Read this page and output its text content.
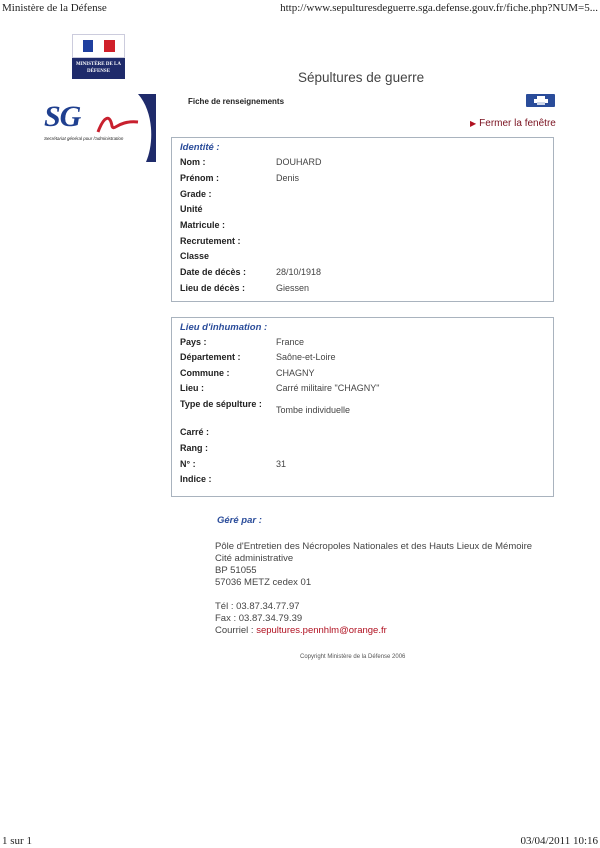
Ministère de la Défense	http://www.sepulturesdeguerre.sga.defense.gouv.fr/fiche.php?NUM=5...
MINISTÈRE DE LA DÉFENSE
SG
Secrétariat général pour l'administration
Sépultures de guerre
Fiche de renseignements
▶ Fermer la fenêtre
Identité :
Nom :	DOUHARD
Prénom :	Denis
Grade :
Unité
Matricule :
Recrutement :
Classe
Date de décès :	28/10/1918
Lieu de décès :	Giessen
Lieu d'inhumation :
Pays :	France
Département :	Saône-et-Loire
Commune :	CHAGNY
Lieu :	Carré militaire "CHAGNY"
Type de sépulture :
Tombe individuelle
Carré :
Rang :
N° :	31
Indice :
Géré par :
Pôle d'Entretien des Nécropoles Nationales et des Hauts Lieux de Mémoire
Cité administrative
BP 51055
57036 METZ cedex 01
Tél : 03.87.34.77.97
Fax : 03.87.34.79.39
Courriel : sepultures.pennhlm@orange.fr
Copyright Ministère de la Défense 2006
1 sur 1	03/04/2011 10:16
